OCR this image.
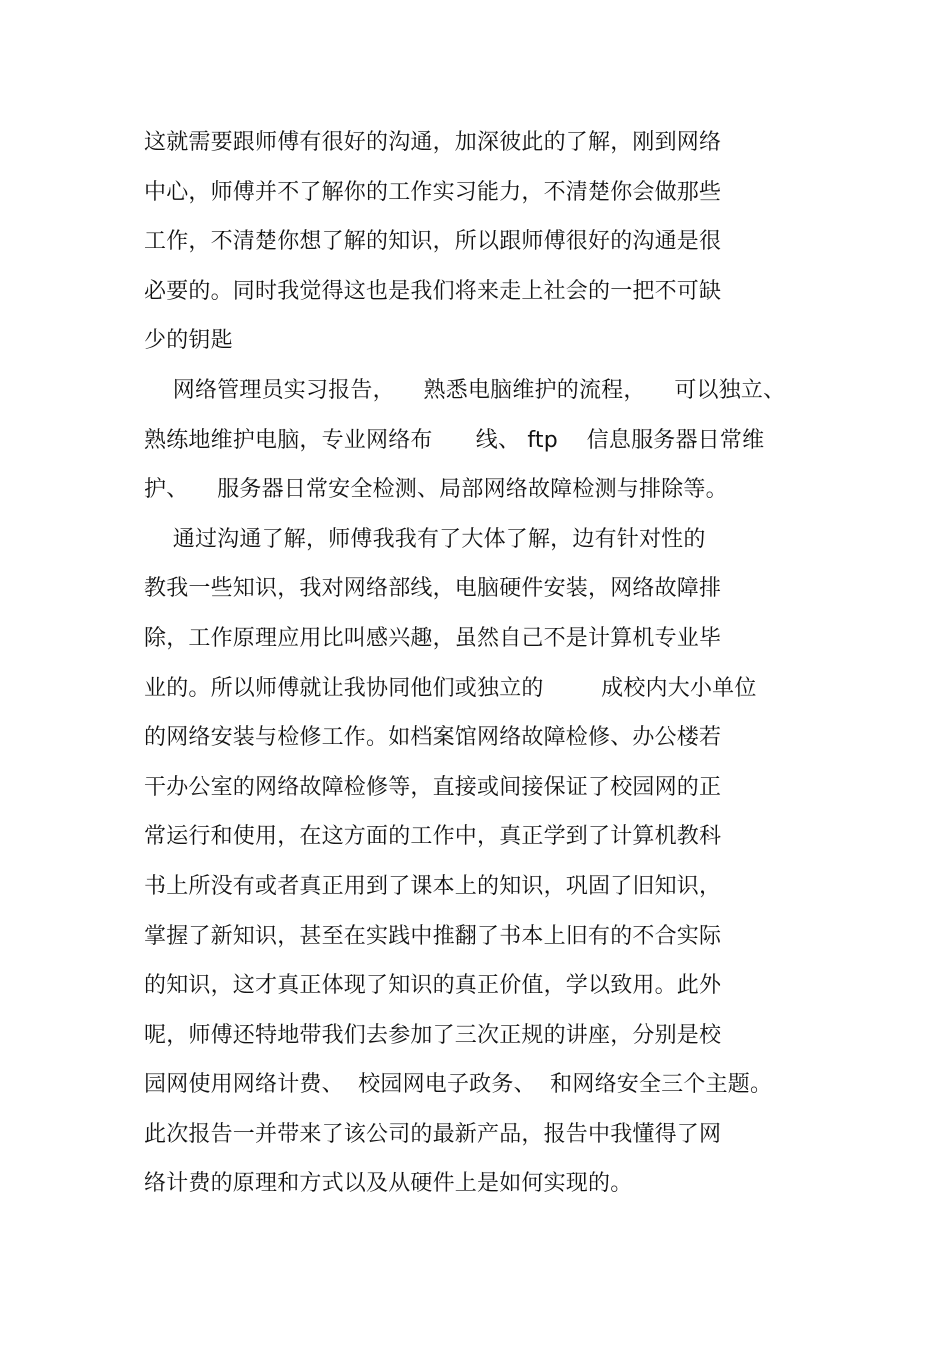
这就需要跟师傅有很好的沟通，加深彼此的了解，刚到网络
中心，师傅并不了解你的工作实习能力，不清楚你会做那些
工作，不清楚你想了解的知识，所以跟师傅很好的沟通是很
必要的。同时我觉得这也是我们将来走上社会的一把不可缺
少的钥匙
网络管理员实习报告，    熟悉电脑维护的流程，    可以独立、
熟练地维护电脑，专业网络布      线、 ftp    信息服务器日常维
护、    服务器日常安全检测、局部网络故障检测与排除等。
通过沟通了解，师傅我我有了大体了解，边有针对性的
教我一些知识，我对网络部线，电脑硬件安装，网络故障排
除，工作原理应用比叫感兴趣，虽然自己不是计算机专业毕
业的。所以师傅就让我协同他们或独立的        成校内大小单位
的网络安装与检修工作。如档案馆网络故障检修、办公楼若
干办公室的网络故障检修等，直接或间接保证了校园网的正
常运行和使用，在这方面的工作中，真正学到了计算机教科
书上所没有或者真正用到了课本上的知识，巩固了旧知识，
掌握了新知识，甚至在实践中推翻了书本上旧有的不合实际
的知识，这才真正体现了知识的真正价值，学以致用。此外
呢，师傅还特地带我们去参加了三次正规的讲座，分别是校
园网使用网络计费、  校园网电子政务、  和网络安全三个主题。
此次报告一并带来了该公司的最新产品，报告中我懂得了网
络计费的原理和方式以及从硬件上是如何实现的。
